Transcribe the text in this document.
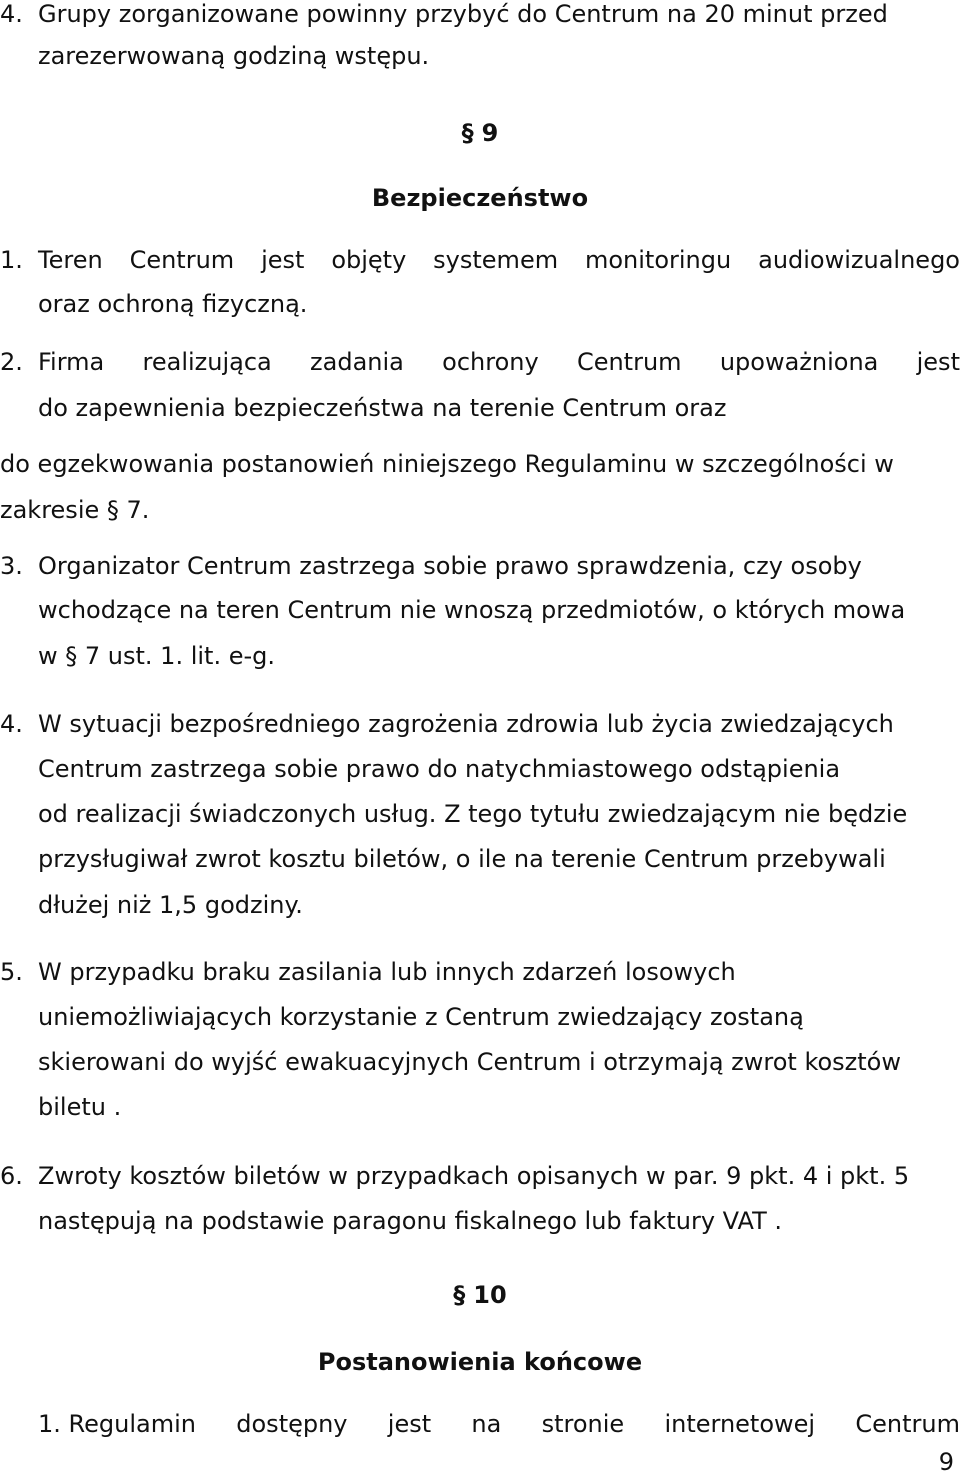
4. Grupy zorganizowane powinny przybyć do Centrum na 20 minut przed
zarezerwowaną godziną wstępu.
§ 9
Bezpieczeństwo
1. Teren Centrum jest objęty systemem monitoringu audiowizualnego
oraz ochroną fizyczną.
2. Firma realizująca zadania ochrony Centrum upoważniona jest
do zapewnienia bezpieczeństwa na terenie Centrum oraz
do egzekwowania postanowień niniejszego Regulaminu w szczególności w
zakresie § 7.
3. Organizator Centrum zastrzega sobie prawo sprawdzenia, czy osoby
wchodzące na teren Centrum nie wnoszą przedmiotów, o których mowa
w § 7 ust. 1. lit. e-g.
4. W sytuacji bezpośredniego zagrożenia zdrowia lub życia zwiedzających
Centrum zastrzega sobie prawo do natychmiastowego odstąpienia
od realizacji świadczonych usług. Z tego tytułu zwiedzającym nie będzie
przysługiwał zwrot kosztu biletów, o ile na terenie Centrum przebywali
dłużej niż 1,5 godziny.
5. W przypadku braku zasilania lub innych zdarzeń losowych
uniemożliwiających korzystanie z Centrum zwiedzający zostaną
skierowani do wyjść ewakuacyjnych Centrum i otrzymają zwrot kosztów
biletu .
6. Zwroty kosztów biletów w przypadkach opisanych w par. 9 pkt. 4 i pkt. 5
następują na podstawie paragonu fiskalnego lub faktury VAT .
§ 10
Postanowienia końcowe
1. Regulamin dostępny jest na stronie internetowej Centrum
9
